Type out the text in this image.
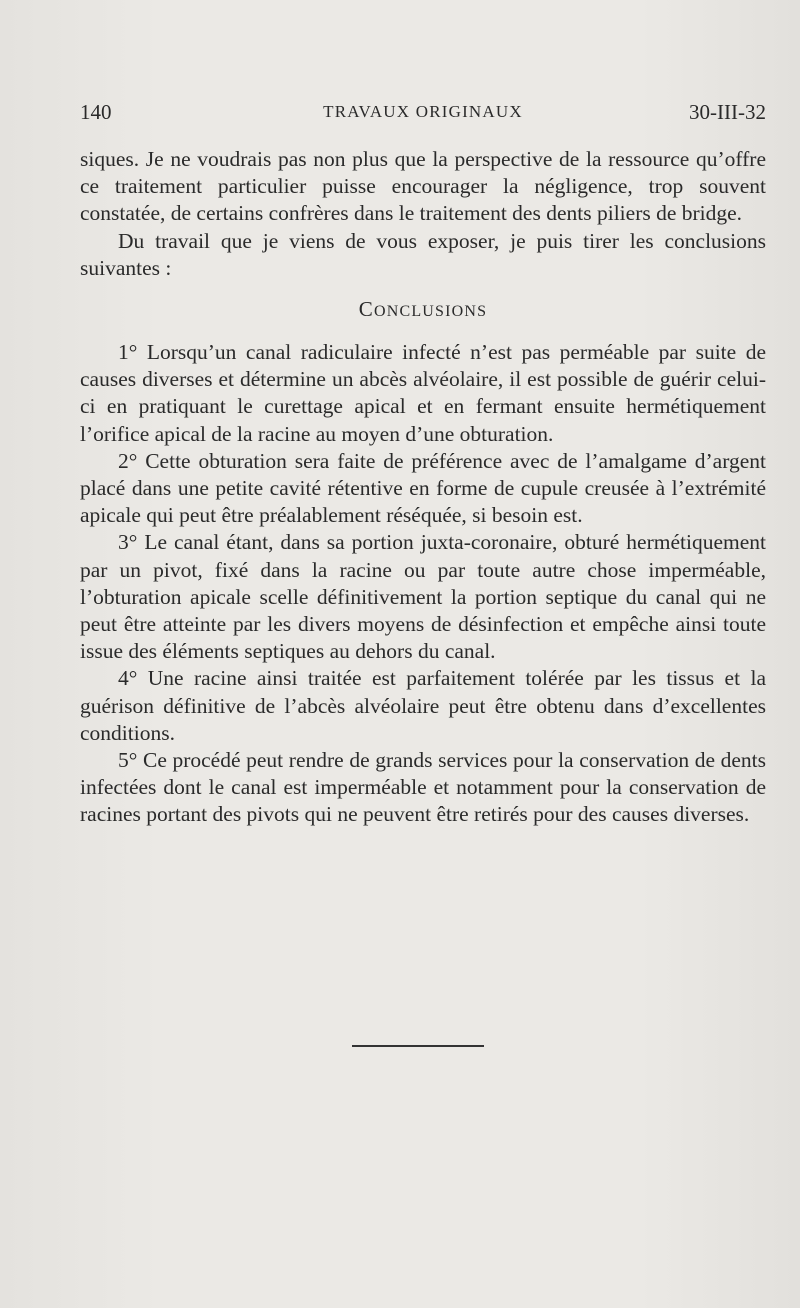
140	TRAVAUX ORIGINAUX	30-III-32

siques. Je ne voudrais pas non plus que la perspective de la ressource qu’offre ce traitement particulier puisse encourager la négligence, trop souvent constatée, de certains confrères dans le traitement des dents piliers de bridge.

Du travail que je viens de vous exposer, je puis tirer les conclusions suivantes :

CONCLUSIONS

1° Lorsqu’un canal radiculaire infecté n’est pas perméable par suite de causes diverses et détermine un abcès alvéolaire, il est possible de guérir celui-ci en pratiquant le curettage apical et en fermant ensuite hermétiquement l’orifice apical de la racine au moyen d’une obturation.

2° Cette obturation sera faite de préférence avec de l’amalgame d’argent placé dans une petite cavité rétentive en forme de cupule creusée à l’extrémité apicale qui peut être préalablement réséquée, si besoin est.

3° Le canal étant, dans sa portion juxta-coronaire, obturé hermétiquement par un pivot, fixé dans la racine ou par toute autre chose imperméable, l’obturation apicale scelle définitivement la portion septique du canal qui ne peut être atteinte par les divers moyens de désinfection et empêche ainsi toute issue des éléments septiques au dehors du canal.

4° Une racine ainsi traitée est parfaitement tolérée par les tissus et la guérison définitive de l’abcès alvéolaire peut être obtenu dans d’excellentes conditions.

5° Ce procédé peut rendre de grands services pour la conservation de dents infectées dont le canal est imperméable et notamment pour la conservation de racines portant des pivots qui ne peuvent être retirés pour des causes diverses.
